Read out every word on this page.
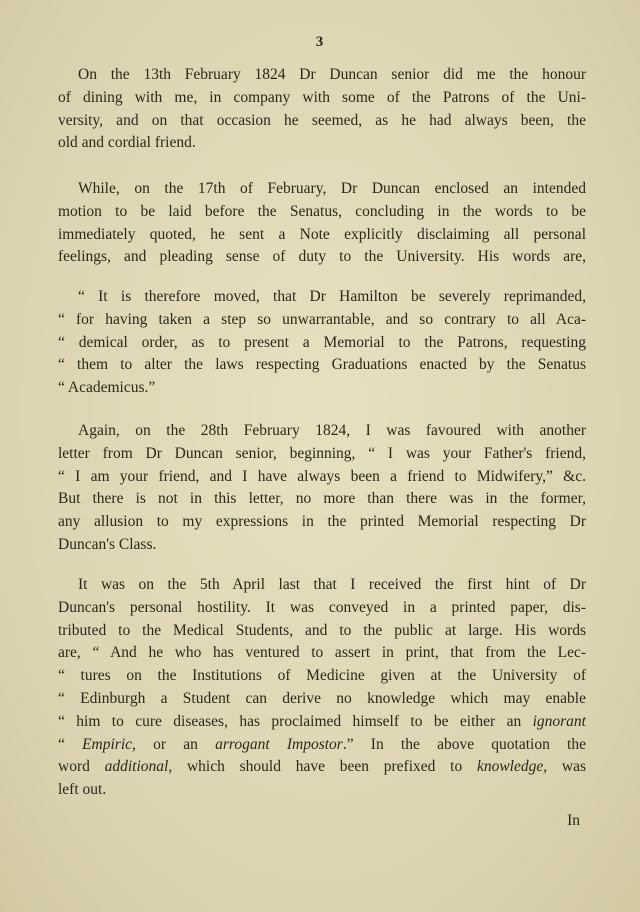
3
On the 13th February 1824 Dr Duncan senior did me the honour
of dining with me, in company with some of the Patrons of the Uni-
versity, and on that occasion he seemed, as he had always been, the
old and cordial friend.
While, on the 17th of February, Dr Duncan enclosed an intended
motion to be laid before the Senatus, concluding in the words to be
immediately quoted, he sent a Note explicitly disclaiming all personal
feelings, and pleading sense of duty to the University. His words are,
“ It is therefore moved, that Dr Hamilton be severely reprimanded,
“ for having taken a step so unwarrantable, and so contrary to all Aca-
“ demical order, as to present a Memorial to the Patrons, requesting
“ them to alter the laws respecting Graduations enacted by the Senatus
“ Academicus.”
Again, on the 28th February 1824, I was favoured with another
letter from Dr Duncan senior, beginning, “ I was your Father's friend,
“ I am your friend, and I have always been a friend to Midwifery,” &c.
But there is not in this letter, no more than there was in the former,
any allusion to my expressions in the printed Memorial respecting Dr
Duncan's Class.
It was on the 5th April last that I received the first hint of Dr
Duncan's personal hostility. It was conveyed in a printed paper, dis-
tributed to the Medical Students, and to the public at large. His words
are, “ And he who has ventured to assert in print, that from the Lec-
“ tures on the Institutions of Medicine given at the University of
“ Edinburgh a Student can derive no knowledge which may enable
“ him to cure diseases, has proclaimed himself to be either an ignorant
“ Empiric, or an arrogant Impostor.” In the above quotation the
word additional, which should have been prefixed to knowledge, was
left out.
In
